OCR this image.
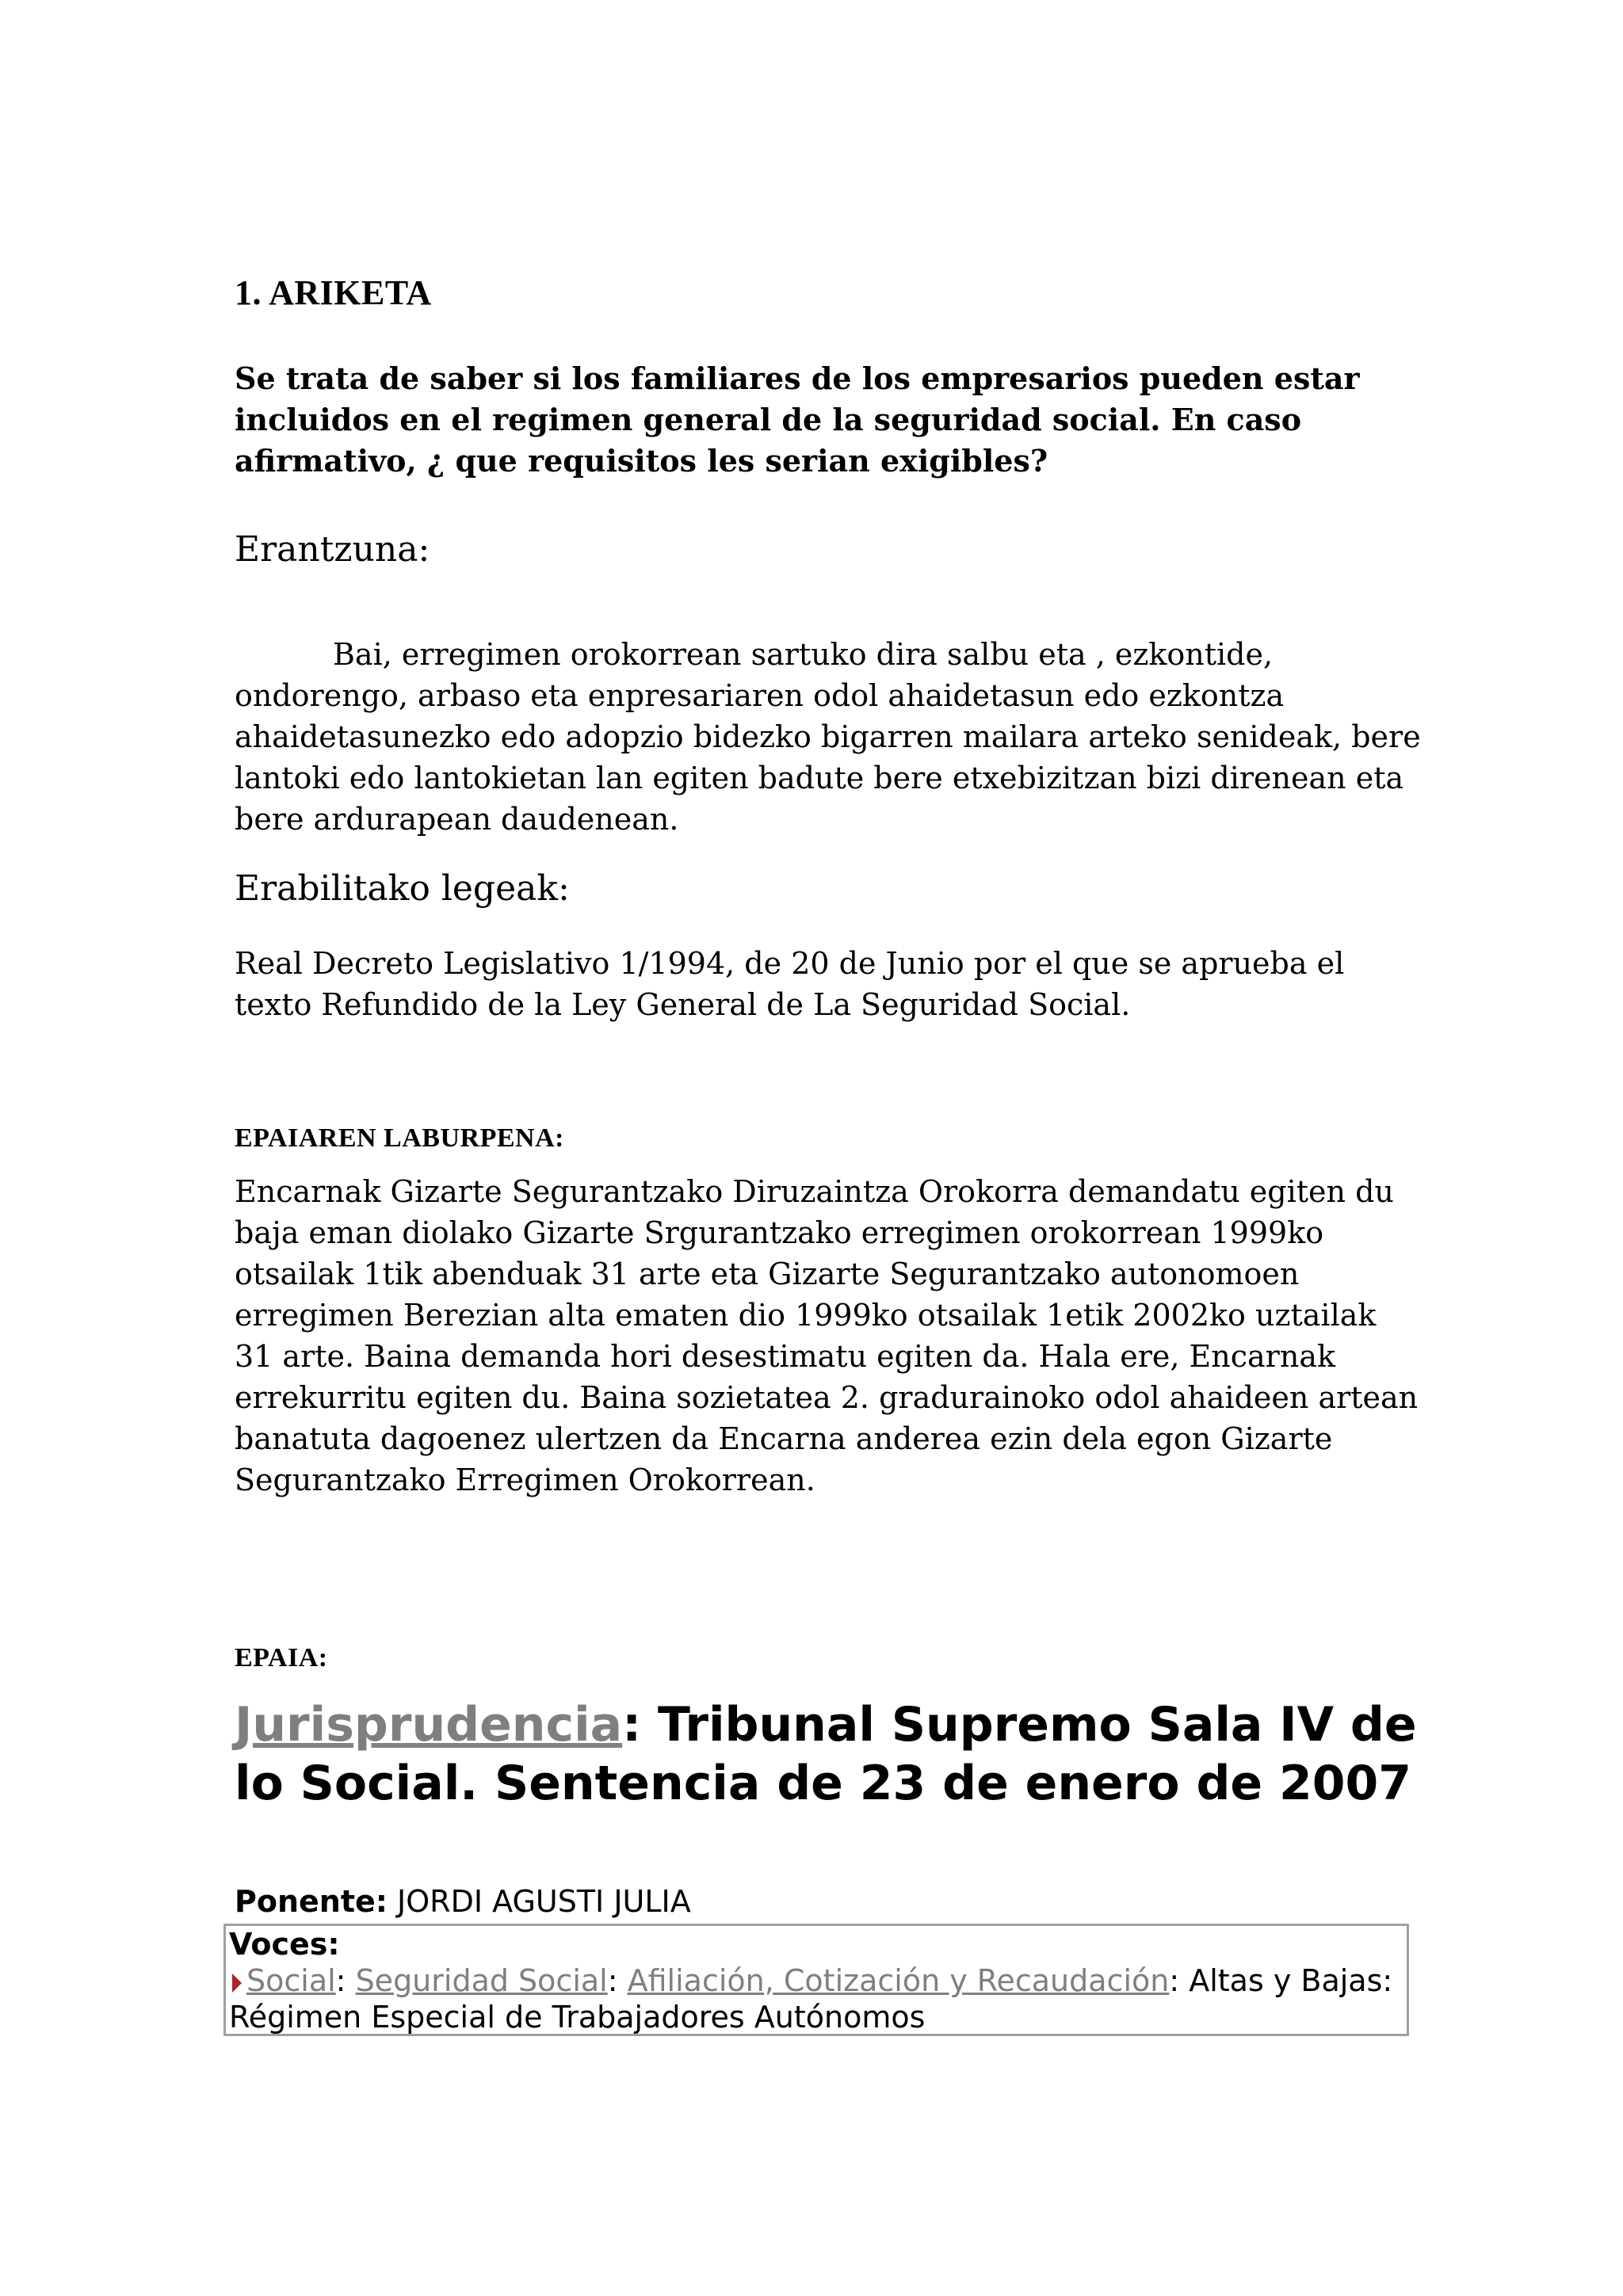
1. ARIKETA

Se trata de saber si los familiares de los empresarios pueden estar incluidos en el regimen general de la seguridad social. En caso afirmativo, ¿ que requisitos les serian exigibles?

Erantzuna:

Bai, erregimen orokorrean sartuko dira salbu eta , ezkontide, ondorengo, arbaso eta enpresariaren odol ahaidetasun edo ezkontza ahaidetasunezko edo adopzio bidezko bigarren mailara arteko senideak, bere lantoki edo lantokietan lan egiten badute bere etxebizitzan bizi direnean eta bere ardurapean daudenean.

Erabilitako legeak:

Real Decreto Legislativo 1/1994, de 20 de Junio por el que se aprueba el texto Refundido de la Ley General de La Seguridad Social.

EPAIAREN LABURPENA:

Encarnak Gizarte Segurantzako Diruzaintza Orokorra demandatu egiten du baja eman diolako Gizarte Srgurantzako erregimen orokorrean 1999ko otsailak 1tik abenduak 31 arte eta Gizarte Segurantzako autonomoen erregimen Berezian alta ematen dio 1999ko otsailak 1etik 2002ko uztailak 31 arte. Baina demanda hori desestimatu egiten da. Hala ere, Encarnak errekurritu egiten du. Baina sozietatea 2. gradurainoko odol ahaideen artean banatuta dagoenez ulertzen da Encarna anderea ezin dela egon Gizarte Segurantzako Erregimen Orokorrean.

EPAIA:
Jurisprudencia: Tribunal Supremo Sala IV de lo Social. Sentencia de 23 de enero de 2007

Ponente: JORDI AGUSTI JULIA

Voces:

Social: Seguridad Social: Afiliación, Cotización y Recaudación: Altas y Bajas: Régimen Especial de Trabajadores Autónomos
